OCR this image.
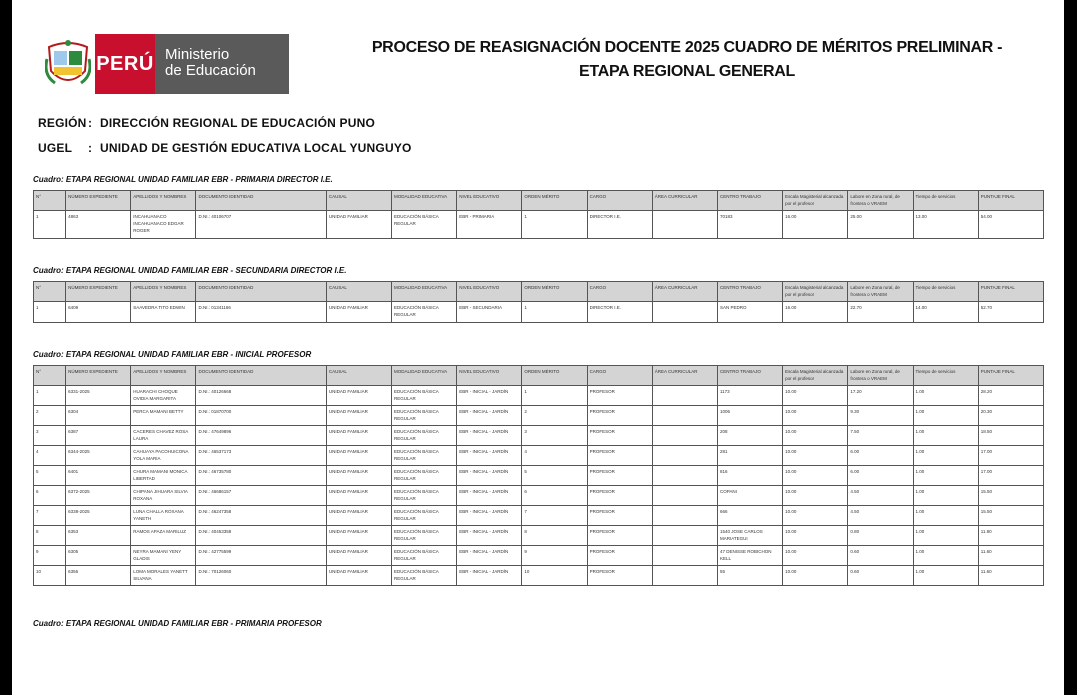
PERÚ Ministerio
de Educación
PROCESO DE REASIGNACIÓN DOCENTE 2025 CUADRO DE MÉRITOS PRELIMINAR -
ETAPA REGIONAL GENERAL
REGIÓN: DIRECCIÓN REGIONAL DE EDUCACIÓN PUNO
UGEL : UNIDAD DE GESTIÓN EDUCATIVA LOCAL YUNGUYO
Cuadro: ETAPA REGIONAL UNIDAD FAMILIAR EBR - PRIMARIA DIRECTOR I.E.
N°	NÚMERO EXPEDIENTE	APELLIDOS Y NOMBRES	DOCUMENTO IDENTIDAD	CAUSAL	MODALIDAD EDUCATIVA	NIVEL EDUCATIVO	ORDEN MÉRITO	CARGO	ÁREA CURRICULAR	CENTRO TRABAJO	Escala Magisterial alcanzada por el profesor	Labore en Zona rural, de frontera o VRAEM	Tiempo de servicios	PUNTAJE FINAL
1	4863	INCAHUANACO INCAHUANACO EDGAR ROGER	D.NI.: 40106707	UNIDAD FAMILIAR	EDUCACIÓN BÁSICA REGULAR	EBR - PRIMARIA	1	DIRECTOR I.E.		70183	16.00	25.00	13.00	54.00
Cuadro: ETAPA REGIONAL UNIDAD FAMILIAR EBR - SECUNDARIA DIRECTOR I.E.
N°	NÚMERO EXPEDIENTE	APELLIDOS Y NOMBRES	DOCUMENTO IDENTIDAD	CAUSAL	MODALIDAD EDUCATIVA	NIVEL EDUCATIVO	ORDEN MÉRITO	CARGO	ÁREA CURRICULAR	CENTRO TRABAJO	Escala Magisterial alcanzada por el profesor	Labore en Zona rural, de frontera o VRAEM	Tiempo de servicios	PUNTAJE FINAL
1	6409	SAAVEDRA TITO EDWIN	D.NI.: 01341166	UNIDAD FAMILIAR	EDUCACIÓN BÁSICA REGULAR	EBR - SECUNDARIA	1	DIRECTOR I.E.		SAN PEDRO	16.00	22.70	14.00	52.70
Cuadro: ETAPA REGIONAL UNIDAD FAMILIAR EBR - INICIAL PROFESOR
N°	NÚMERO EXPEDIENTE	APELLIDOS Y NOMBRES	DOCUMENTO IDENTIDAD	CAUSAL	MODALIDAD EDUCATIVA	NIVEL EDUCATIVO	ORDEN MÉRITO	CARGO	ÁREA CURRICULAR	CENTRO TRABAJO	Escala Magisterial alcanzada por el profesor	Labore en Zona rural, de frontera o VRAEM	Tiempo de servicios	PUNTAJE FINAL
1	6331-2025	HUARACHI CHOQUE OVIDIA MARGARITA	D.NI.: 40126668	UNIDAD FAMILIAR	EDUCACIÓN BÁSICA REGULAR	EBR - INICIAL - JARDÍN	1	PROFESOR		1173	10.00	17.20	1.00	28.20
2	6304	PERCA MAMANI BETTY	D.NI.: 01870700	UNIDAD FAMILIAR	EDUCACIÓN BÁSICA REGULAR	EBR - INICIAL - JARDÍN	2	PROFESOR		1006	10.00	9.30	1.00	20.30
3	6387	CACERES CHAVEZ ROSA LAURA	D.NI.: 47649896	UNIDAD FAMILIAR	EDUCACIÓN BÁSICA REGULAR	EBR - INICIAL - JARDÍN	3	PROFESOR		208	10.00	7.50	1.00	18.50
4	6344-2025	CAHUAYA PACOHUICONA YOLA MARIA	D.NI.: 46537173	UNIDAD FAMILIAR	EDUCACIÓN BÁSICA REGULAR	EBR - INICIAL - JARDÍN	4	PROFESOR		281	10.00	6.00	1.00	17.00
5	6401	CHURA MAMANI MONICA LIBERTAD	D.NI.: 46735780	UNIDAD FAMILIAR	EDUCACIÓN BÁSICA REGULAR	EBR - INICIAL - JARDÍN	5	PROFESOR		816	10.00	6.00	1.00	17.00
6	6372-2025	CHIPANA JIHUARA SILVIA ROXANA	D.NI.: 46686157	UNIDAD FAMILIAR	EDUCACIÓN BÁSICA REGULAR	EBR - INICIAL - JARDÍN	6	PROFESOR		COPANI	10.00	4.50	1.00	15.50
7	6338-2025	LUNA CHALLA ROXANA YANETH	D.NI.: 46247358	UNIDAD FAMILIAR	EDUCACIÓN BÁSICA REGULAR	EBR - INICIAL - JARDÍN	7	PROFESOR		666	10.00	4.50	1.00	15.50
8	6353	RAMOS APAZA MARILUZ	D.NI.: 40453358	UNIDAD FAMILIAR	EDUCACIÓN BÁSICA REGULAR	EBR - INICIAL - JARDÍN	8	PROFESOR		1540 JOSE CARLOS MARIATEGUI	10.00	0.80	1.00	11.80
9	6305	NEYRA MAMANI YENY GLADIS	D.NI.: 42775599	UNIDAD FAMILIAR	EDUCACIÓN BÁSICA REGULAR	EBR - INICIAL - JARDÍN	9	PROFESOR		47 DENISSE ROBICHON KELL	10.00	0.60	1.00	11.60
10	6356	LOMA MORALES YANETT SILVANA	D.NI.: 70126060	UNIDAD FAMILIAR	EDUCACIÓN BÁSICA REGULAR	EBR - INICIAL - JARDÍN	10	PROFESOR		55	10.00	0.60	1.00	11.60
Cuadro: ETAPA REGIONAL UNIDAD FAMILIAR EBR - PRIMARIA PROFESOR
